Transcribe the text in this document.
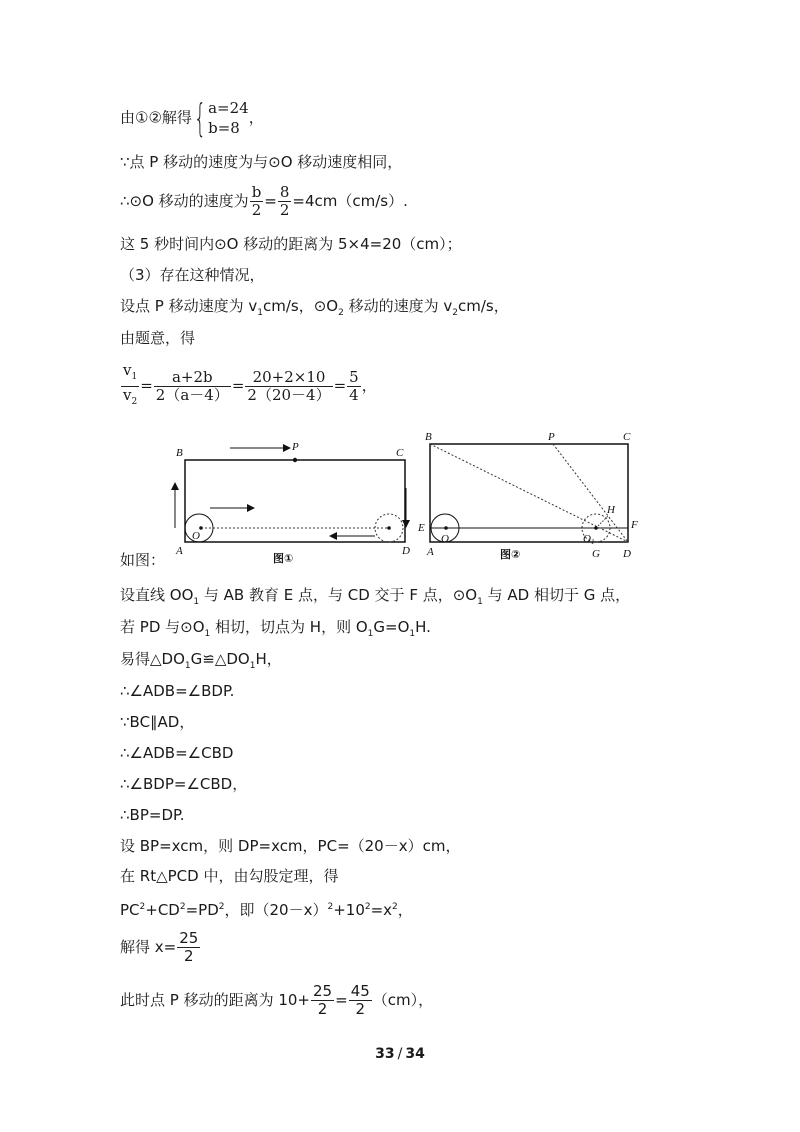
由①②解得{ a=24
b=8
，
∵点 P 移动的速度为与⊙O 移动速度相同，
∴⊙O 移动的速度为 $\frac{b}{2} = \frac{8}{2} =4cm(cm/s)$.
这 5 秒时间内⊙O 移动的距离为 5×4=20（cm）；
（3）存在这种情况，
设点 P 移动速度为 $v_1cm/s$，$⊙O_2$ 移动的速度为 $v_2cm/s$，
由题意，得
$\frac{v_1}{v_2} = \frac{a+2b}{2(a-4)} = \frac{20+2\times 10}{2(20-4)} = \frac{5}{4}$ ，
B	P	C
A	D
O
图①
B	P	C
E	F
H
A
O	O1
G D
图②
如图：
设直线 $OO_1$ 与 AB 教育 E 点，与 CD 交于 F 点，$⊙O_1$ 与 AD 相切于 G 点，
若 PD 与$⊙O_1$ 相切，切点为 H，则 $O_1G=O_1H$.
易得$\triangle DO_1G≌\triangle DO_1H$，
∴∠ADB=∠BDP.
∵BC∥AD，
∴∠ADB=∠CBD
∴∠BDP=∠CBD，
∴BP=DP.
设 BP=xcm，则 DP=xcm，PC=（20－x）cm，
在 Rt△PCD 中，由勾股定理，得
$PC^2+CD^2=PD^2$，即$(20-x)^2+10^2=x^2$，
解得 $x= \frac{25}{2}$
此时点 P 移动的距离为 $10+ \frac{25}{2} = \frac{45}{2} (cm)$，
33 / 34
